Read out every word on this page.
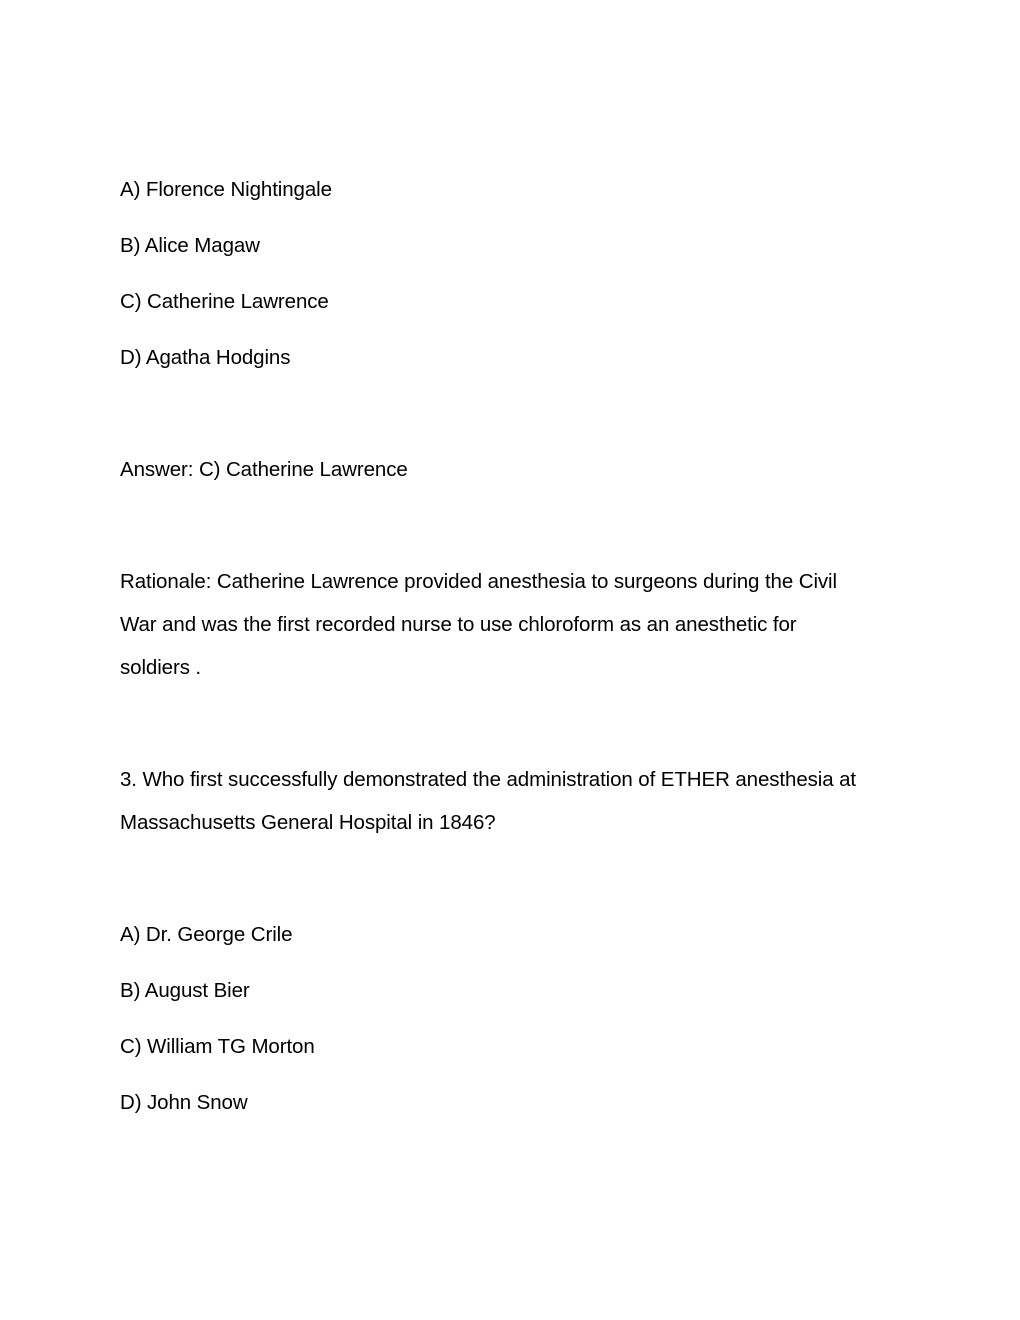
A) Florence Nightingale
B) Alice Magaw
C) Catherine Lawrence
D) Agatha Hodgins
Answer: C) Catherine Lawrence
Rationale: Catherine Lawrence provided anesthesia to surgeons during the Civil
War and was the first recorded nurse to use chloroform as an anesthetic for
soldiers .
3. Who first successfully demonstrated the administration of ETHER anesthesia at
Massachusetts General Hospital in 1846?
A) Dr. George Crile
B) August Bier
C) William TG Morton
D) John Snow
